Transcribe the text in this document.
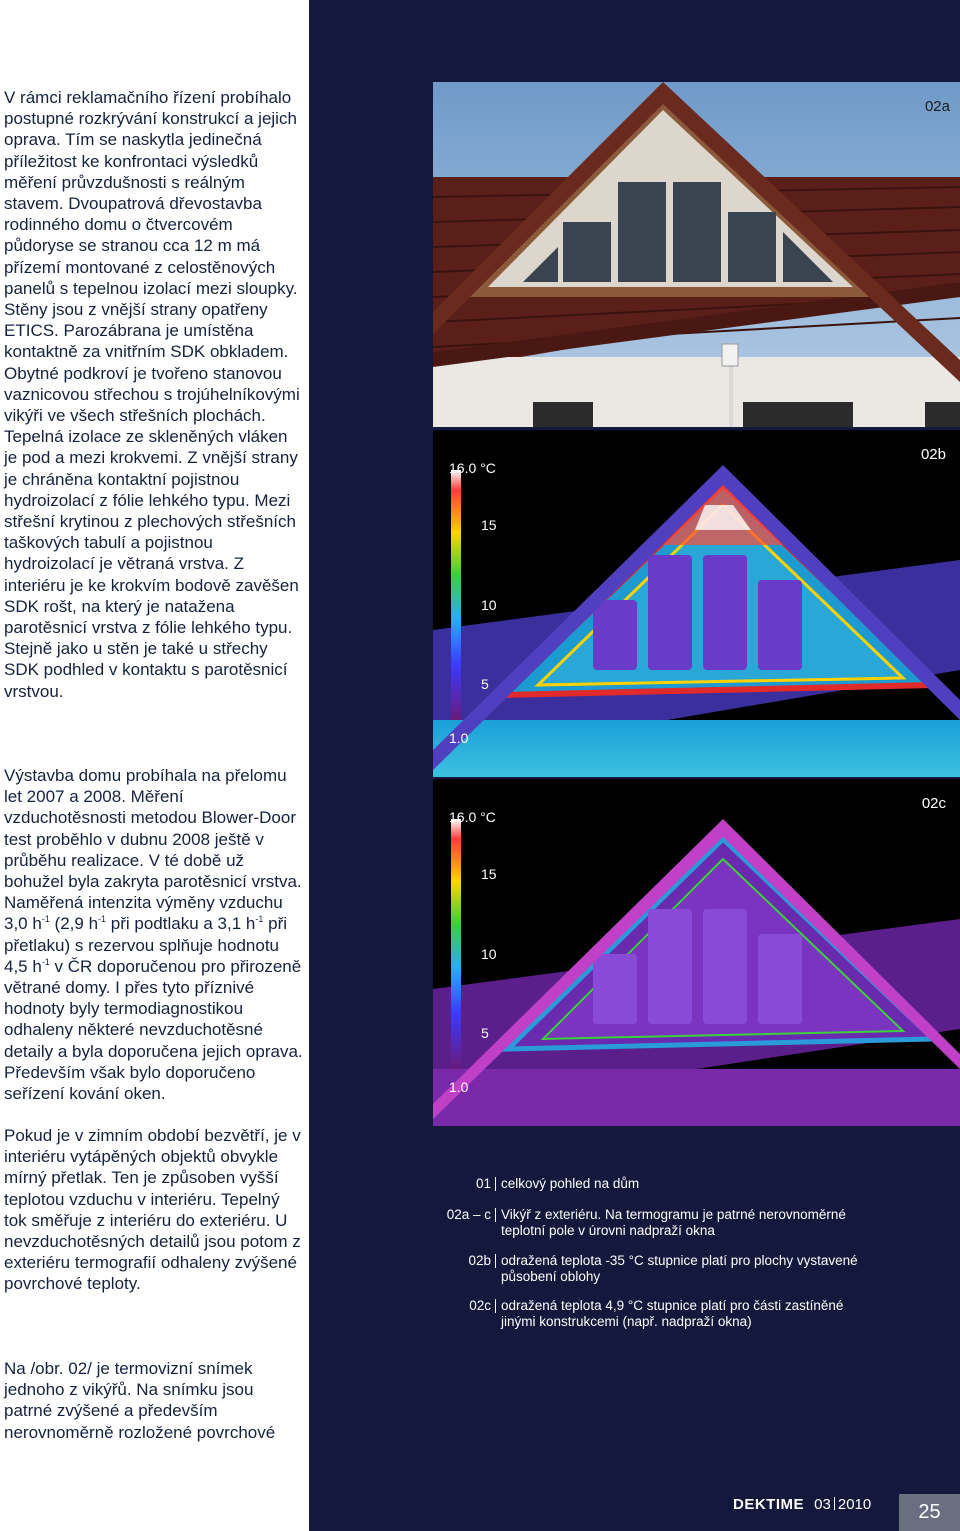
V rámci reklamačního řízení probíhalo postupné rozkrývání konstrukcí a jejich oprava. Tím se naskytla jedinečná příležitost ke konfrontaci výsledků měření průvzdušnosti s reálným stavem. Dvoupatrová dřevostavba rodinného domu o čtvercovém půdoryse se stranou cca 12 m má přízemí montované z celostěnových panelů s tepelnou izolací mezi sloupky. Stěny jsou z vnější strany opatřeny ETICS. Parozábrana je umístěna kontaktně za vnitřním SDK obkladem. Obytné podkroví je tvořeno stanovou vaznicovou střechou s trojúhelníkovými vikýři ve všech střešních plochách. Tepelná izolace ze skleněných vláken je pod a mezi krokvemi. Z vnější strany je chráněna kontaktní pojistnou hydroizolací z fólie lehkého typu. Mezi střešní krytinou z plechových střešních taškových tabulí a pojistnou hydroizolací je větraná vrstva. Z interiéru je ke krokvím bodově zavěšen SDK rošt, na který je natažena parotěsnicí vrstva z fólie lehkého typu. Stejně jako u stěn je také u střechy SDK podhled v kontaktu s parotěsnicí vrstvou.

Výstavba domu probíhala na přelomu let 2007 a 2008. Měření vzduchotěsnosti metodou Blower-Door test proběhlo v dubnu 2008 ještě v průběhu realizace. V té době už bohužel byla zakryta parotěsnicí vrstva. Naměřená intenzita výměny vzduchu 3,0 $h^{-1}$ (2,9 $h^{-1}$ při podtlaku a 3,1 $h^{-1}$ při přetlaku) s rezervou splňuje hodnotu 4,5 $h^{-1}$ v ČR doporučenou pro přirozeně větrané domy. I přes tyto příznivé hodnoty byly termodiagnostikou odhaleny některé nevzduchotěsné detaily a byla doporučena jejich oprava. Především však bylo doporučeno seřízení kování oken.

Pokud je v zimním období bezvětří, je v interiéru vytápěných objektů obvykle mírný přetlak. Ten je způsoben vyšší teplotou vzduchu v interiéru. Tepelný tok směřuje z interiéru do exteriéru. U nevzduchotěsných detailů jsou potom z exteriéru termografií odhaleny zvýšené povrchové teploty.

Na /obr. 02/ je termovizní snímek jednoho z vikýřů. Na snímku jsou patrné zvýšené a především nerovnoměrně rozložené povrchové

02a
16.0 °C
15
10
5
1.0
02b
16.0 °C
15
10
5
1.0
02c
01 celkový pohled na dům
02a – c Vikýř z exteriéru. Na termogramu je patrné nerovnoměrné teplotní pole v úrovni nadpraží okna
02b odražená teplota -35 °C stupnice platí pro plochy vystavené působení oblohy
02c odražená teplota 4,9 °C stupnice platí pro části zastíněné jinými konstrukcemi (např. nadpraží okna)
DEKTIME 03 2010	25
